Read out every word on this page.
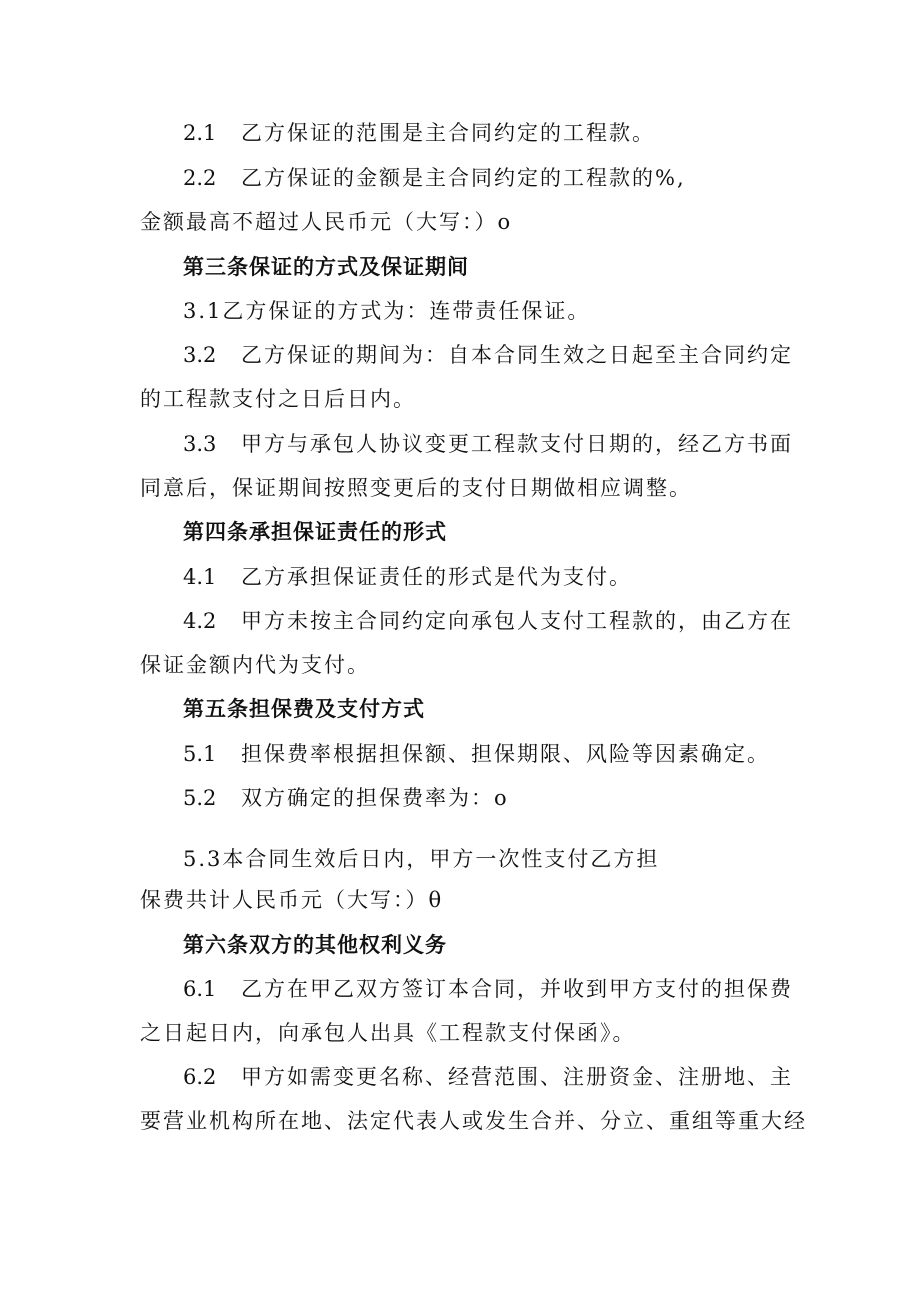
2.1 乙方保证的范围是主合同约定的工程款。
2.2 乙方保证的金额是主合同约定的工程款的%,
金额最高不超过人民币元（大写：）o
第三条保证的方式及保证期间
3.1乙方保证的方式为：连带责任保证。
3.2 乙方保证的期间为：自本合同生效之日起至主合同约定
的工程款支付之日后日内。
3.3 甲方与承包人协议变更工程款支付日期的，经乙方书面
同意后，保证期间按照变更后的支付日期做相应调整。
第四条承担保证责任的形式
4.1 乙方承担保证责任的形式是代为支付。
4.2 甲方未按主合同约定向承包人支付工程款的，由乙方在
保证金额内代为支付。
第五条担保费及支付方式
5.1 担保费率根据担保额、担保期限、风险等因素确定。
5.2 双方确定的担保费率为：o
5.3本合同生效后日内，甲方一次性支付乙方担
保费共计人民币元（大写：）θ
第六条双方的其他权利义务
6.1 乙方在甲乙双方签订本合同，并收到甲方支付的担保费
之日起日内，向承包人出具《工程款支付保函》。
6.2 甲方如需变更名称、经营范围、注册资金、注册地、主
要营业机构所在地、法定代表人或发生合并、分立、重组等重大经
